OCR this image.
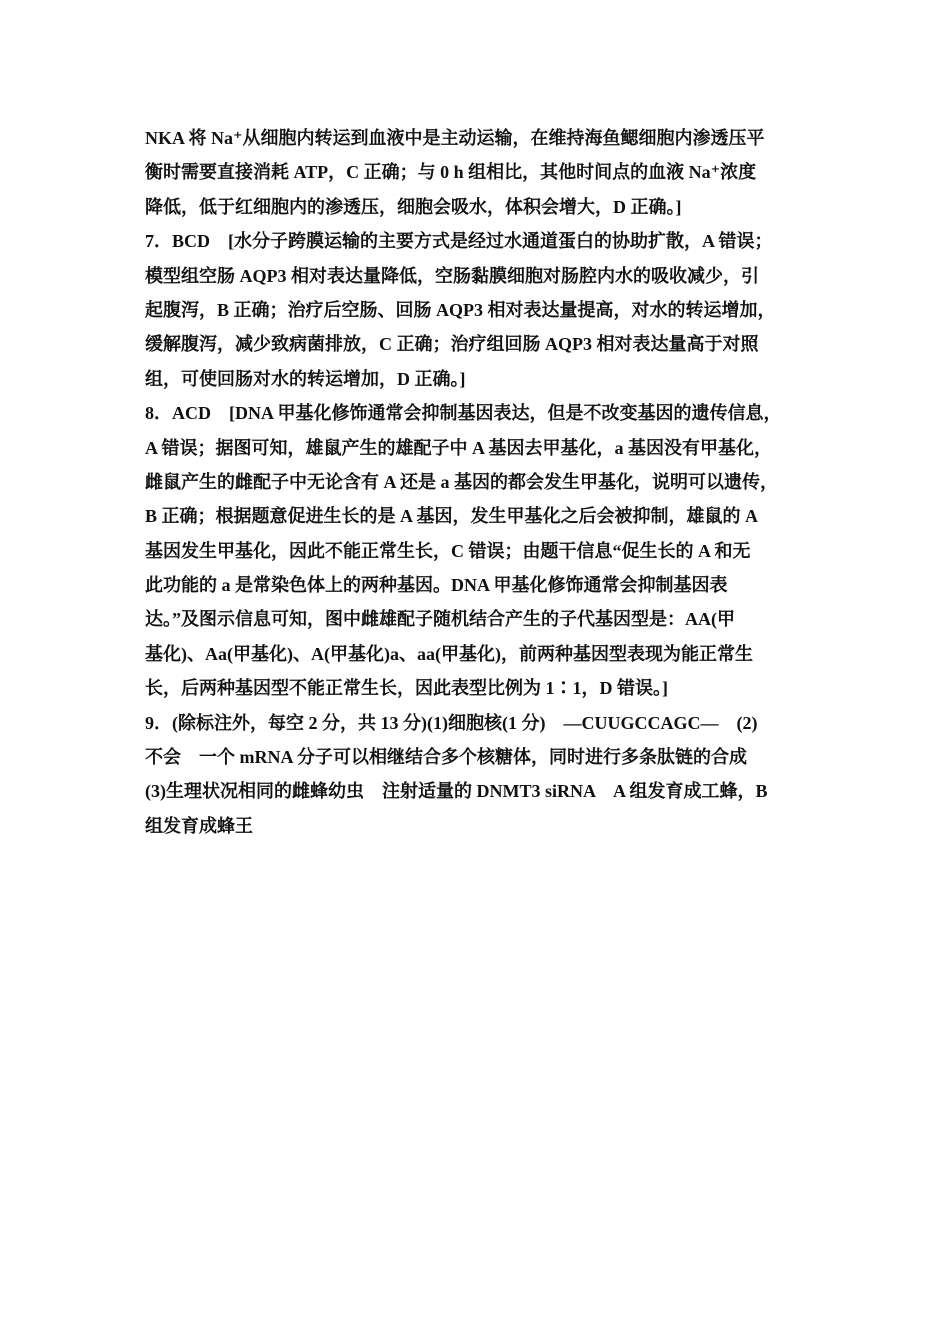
NKA 将 Na⁺从细胞内转运到血液中是主动运输，在维持海鱼鳃细胞内渗透压平
衡时需要直接消耗 ATP，C 正确；与 0 h 组相比，其他时间点的血液 Na⁺浓度
降低，低于红细胞内的渗透压，细胞会吸水，体积会增大，D 正确。]
7．BCD　[水分子跨膜运输的主要方式是经过水通道蛋白的协助扩散，A 错误；
模型组空肠 AQP3 相对表达量降低，空肠黏膜细胞对肠腔内水的吸收减少，引
起腹泻，B 正确；治疗后空肠、回肠 AQP3 相对表达量提高，对水的转运增加，
缓解腹泻，减少致病菌排放，C 正确；治疗组回肠 AQP3 相对表达量高于对照
组，可使回肠对水的转运增加，D 正确。]
8．ACD　[DNA 甲基化修饰通常会抑制基因表达，但是不改变基因的遗传信息，
A 错误；据图可知，雄鼠产生的雄配子中 A 基因去甲基化，a 基因没有甲基化，
雌鼠产生的雌配子中无论含有 A 还是 a 基因的都会发生甲基化，说明可以遗传，
B 正确；根据题意促进生长的是 A 基因，发生甲基化之后会被抑制，雄鼠的 A
基因发生甲基化，因此不能正常生长，C 错误；由题干信息“促生长的 A 和无
此功能的 a 是常染色体上的两种基因。DNA 甲基化修饰通常会抑制基因表
达。”及图示信息可知，图中雌雄配子随机结合产生的子代基因型是：AA(甲
基化)、Aa(甲基化)、A(甲基化)a、aa(甲基化)，前两种基因型表现为能正常生
长，后两种基因型不能正常生长，因此表型比例为 1∶1，D 错误。]
9．(除标注外，每空 2 分，共 13 分)(1)细胞核(1 分)　—CUUGCCAGC—　(2)
不会　一个 mRNA 分子可以相继结合多个核糖体，同时进行多条肽链的合成
(3)生理状况相同的雌蜂幼虫　注射适量的 DNMT3 siRNA　A 组发育成工蜂，B
组发育成蜂王
